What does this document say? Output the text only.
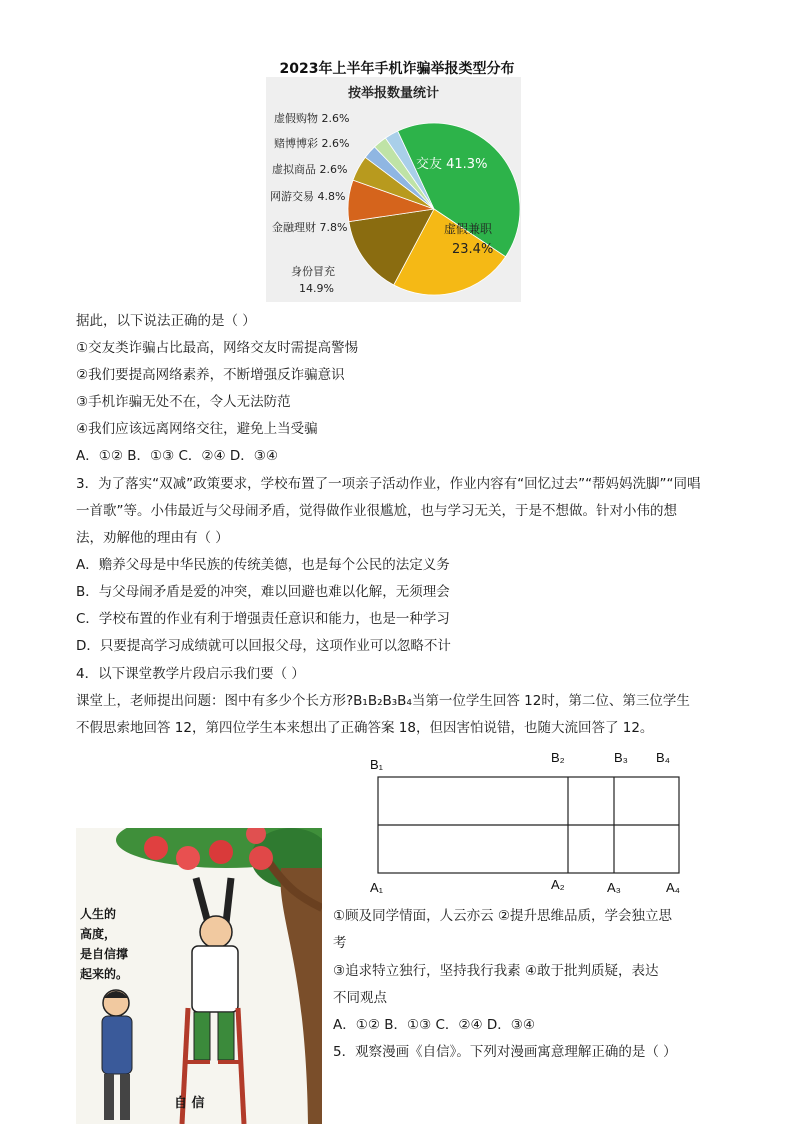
2023年上半年手机诈骗举报类型分布
按举报数量统计
虚假购物 2.6%
赌博博彩 2.6%
虚拟商品 2.6%
网游交易 4.8%
金融理财 7.8%
身份冒充
14.9%
交友 41.3%
虚假兼职
23.4%
据此，以下说法正确的是（ ）
①交友类诈骗占比最高，网络交友时需提高警惕
②我们要提高网络素养，不断增强反诈骗意识
③手机诈骗无处不在，令人无法防范
④我们应该远离网络交往，避免上当受骗
A．①② B．①③ C．②④ D．③④
3．为了落实“双减”政策要求，学校布置了一项亲子活动作业，作业内容有“回忆过去”“帮妈妈洗脚”“同唱
一首歌”等。小伟最近与父母闹矛盾，觉得做作业很尴尬，也与学习无关，于是不想做。针对小伟的想
法，劝解他的理由有（ ）
A．赡养父母是中华民族的传统美德，也是每个公民的法定义务
B．与父母闹矛盾是爱的冲突，难以回避也难以化解，无须理会
C．学校布置的作业有利于增强责任意识和能力，也是一种学习
D．只要提高学习成绩就可以回报父母，这项作业可以忽略不计
4．以下课堂教学片段启示我们要（ ）
课堂上，老师提出问题：图中有多少个长方形?B₁B₂B₃B₄当第一位学生回答 12时，第二位、第三位学生
不假思索地回答 12，第四位学生本来想出了正确答案 18，但因害怕说错，也随大流回答了 12。
B₁	B₂	B₃ B₄
A₁	A₂	A₃	A₄
①顾及同学情面，人云亦云 ②提升思维品质，学会独立思
考
③追求特立独行，坚持我行我素 ④敢于批判质疑，表达
不同观点
A．①② B．①③ C．②④ D．③④
5．观察漫画《自信》。下列对漫画寓意理解正确的是（ ）
人生的
高度，
是自信撑
起来的。
自 信
